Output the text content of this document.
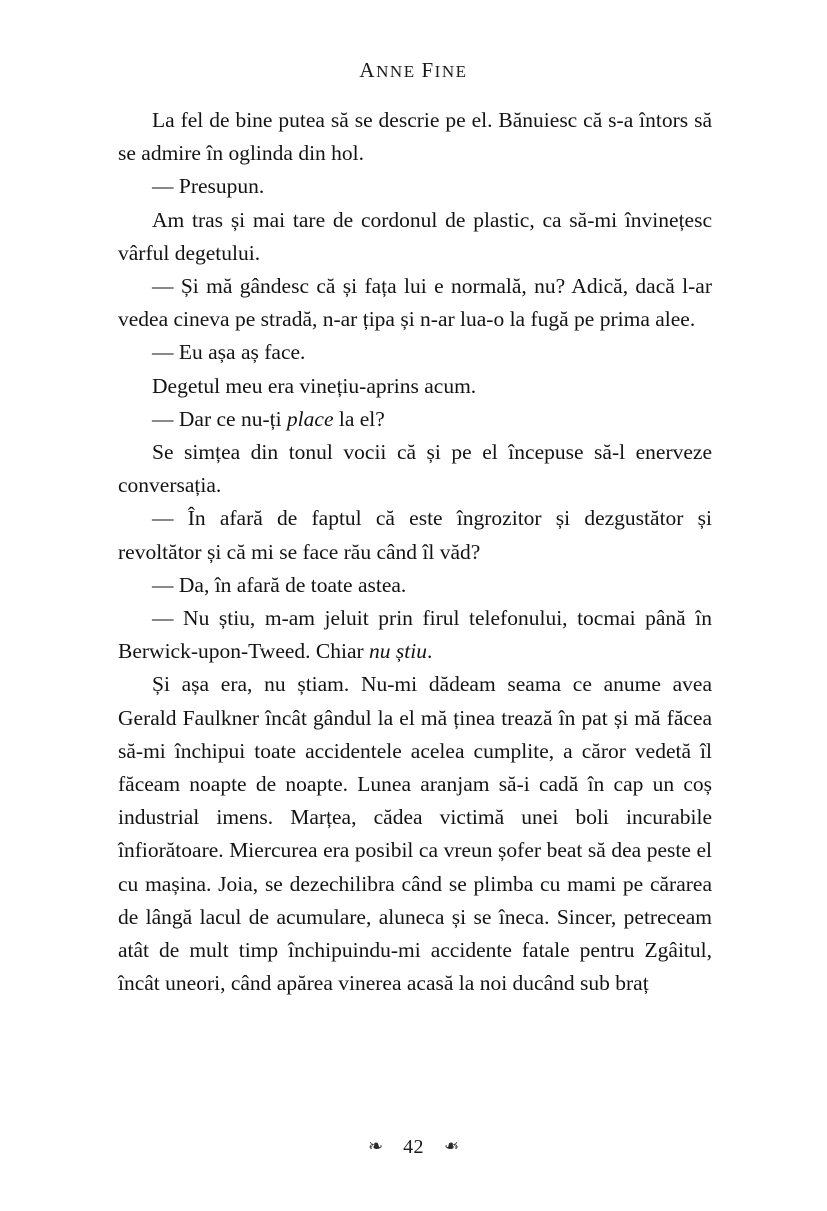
ANNE FINE

La fel de bine putea să se descrie pe el. Bănuiesc că s-a întors să se admire în oglinda din hol.

— Presupun.

Am tras și mai tare de cordonul de plastic, ca să-mi învinețesc vârful degetului.

— Și mă gândesc că și fața lui e normală, nu? Adică, dacă l-ar vedea cineva pe stradă, n-ar țipa și n-ar lua-o la fugă pe prima alee.

— Eu așa aș face.

Degetul meu era vinețiu-aprins acum.

— Dar ce nu-ți place la el?

Se simțea din tonul vocii că și pe el începuse să-l enerveze conversația.

— În afară de faptul că este îngrozitor și dezgustător și revoltător și că mi se face rău când îl văd?

— Da, în afară de toate astea.

— Nu știu, m-am jeluit prin firul telefonului, tocmai până în Berwick-upon-Tweed. Chiar nu știu.

Și așa era, nu știam. Nu-mi dădeam seama ce anume avea Gerald Faulkner încât gândul la el mă ținea trează în pat și mă făcea să-mi închipui toate accidentele acelea cumplite, a căror vedetă îl făceam noapte de noapte. Lunea aranjam să-i cadă în cap un coș industrial imens. Marțea, cădea victimă unei boli incurabile înfiorătoare. Miercurea era posibil ca vreun șofer beat să dea peste el cu mașina. Joia, se dezechilibra când se plimba cu mami pe cărarea de lângă lacul de acumulare, aluneca și se îneca. Sincer, petreceam atât de mult timp închipuindu-mi accidente fatale pentru Zgâitul, încât uneori, când apărea vinerea acasă la noi ducând sub braț

❧ 42 ❧
